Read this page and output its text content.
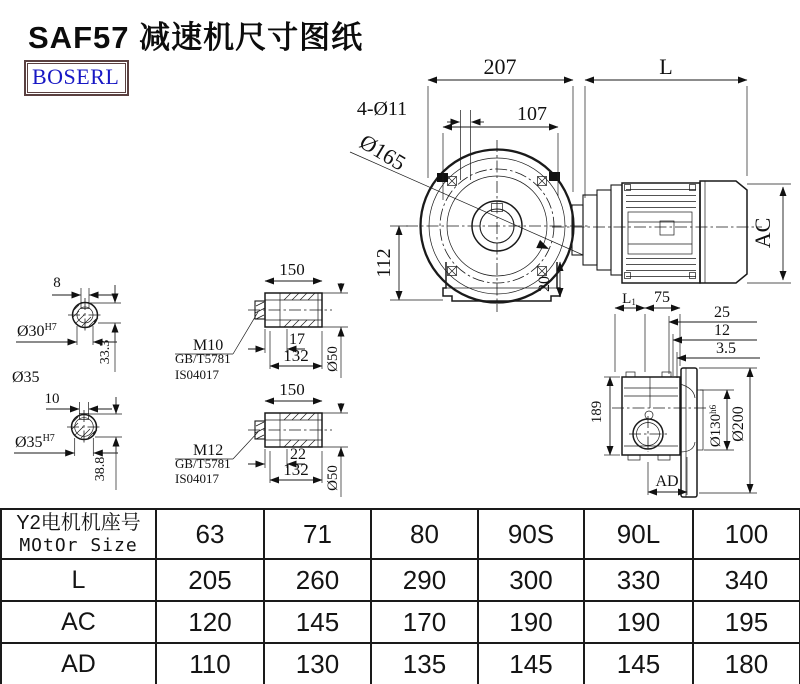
207	L
107
4-Ø11
Ø165
112
20
AC
8
$Ø30^{H7}$
33.3
Ø35
10
$Ø35^{H7}$
38.8
150
17
132 Ø50
M10
GB/T5781
IS04017
150
22
132 Ø50
M12
GB/T5781
IS04017
L1 75
25
12
3.5
189
$Ø130^{h6}$ Ø200
AD
SAF57 减速机尺寸图纸
BOSERL
Y2电机机座号
MOtOr Size	63	71	80	90S	90L	100
L	205	260	290	300	330	340
AC	120	145	170	190	190	195
AD	110	130	135	145	145	180
